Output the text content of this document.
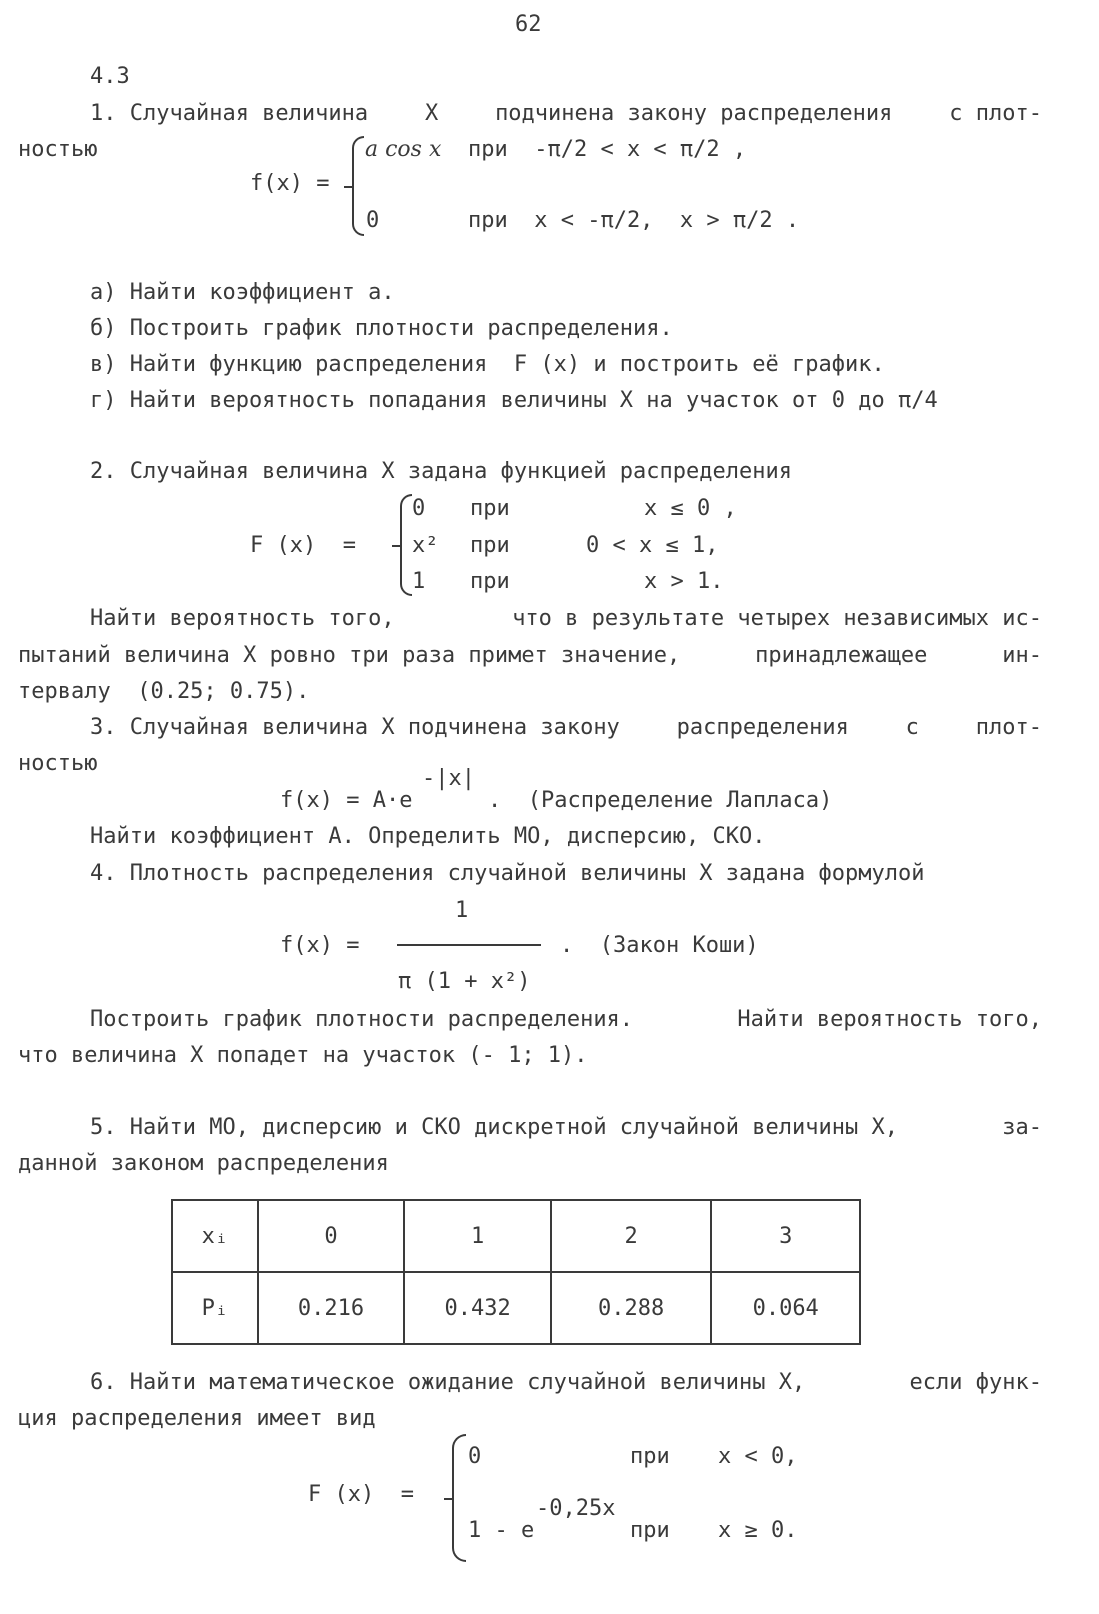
62
4.3
1. Случайная величина	X	подчинена закону распределения	с плот-
ностью
f(x) =
a cos x при  -π/2 < x < π/2 ,
0	при  x < -π/2,  x > π/2 .
а) Найти коэффициент a.
б) Построить график плотности распределения.
в) Найти функцию распределения  F (x) и построить её график.
г) Найти вероятность попадания величины X на участок от 0 до π/4
2. Случайная величина X задана функцией распределения
F (x)  =
0 при	x ≤ 0 ,
x² при	0 < x ≤ 1,
1 при	x > 1.
Найти вероятность того,	что в результате четырех независимых ис-
пытаний величина X ровно три раза примет значение,	принадлежащее	ин-
тервалу  (0.25; 0.75).
3. Случайная величина X подчинена закону	распределения	с	плот-
ностью
f(x) = A·e
-|x|
.  (Распределение Лапласа)
Найти коэффициент А. Определить МО, дисперсию, СКО.
4. Плотность распределения случайной величины X задана формулой
f(x) =
1
π (1 + x²)
.  (Закон Коши)
Построить график плотности распределения.	Найти вероятность того,
что величина X попадет на участок (- 1; 1).
5. Найти МО, дисперсию и СКО дискретной случайной величины X,	за-
данной законом распределения
xᵢ	0	1	2	3
Pᵢ	0.216	0.432	0.288	0.064
6. Найти математическое ожидание случайной величины X,	если функ-
ция распределения имеет вид
F (x)  =
0	при x < 0,
1 - e
-0,25x
при x ≥ 0.
